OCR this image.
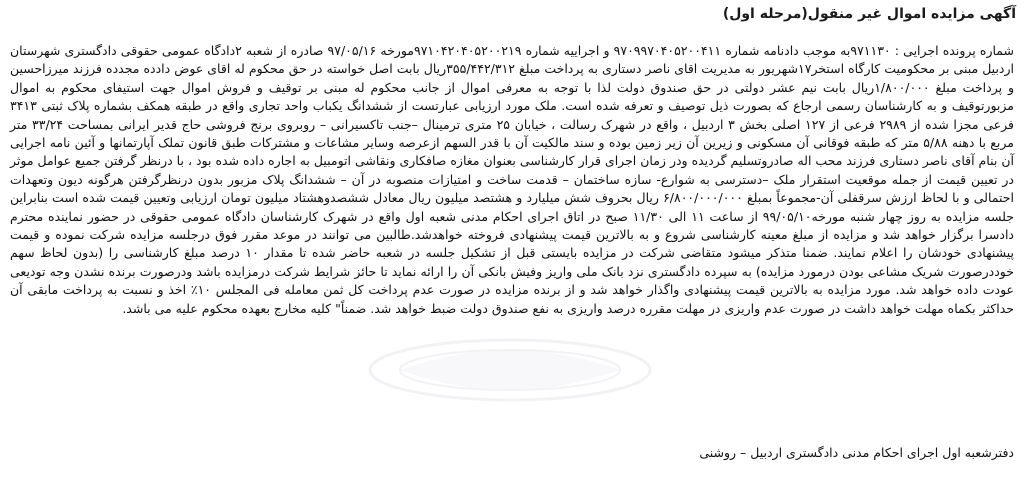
آگهی مزایده اموال غیر منقول(مرحله اول)
شماره پرونده اجرایی : ۹۷۱۱۳۰به موجب دادنامه شماره ۹۷۰۹۹۷۰۴۰۵۲۰۰۴۱۱ و اجراییه شماره ۹۷۱۰۴۲۰۴۰۵۲۰۰۲۱۹مورخه ۹۷/۰۵/۱۶ صادره از شعبه ۲دادگاه عمومی حقوقی دادگستری شهرستان اردبیل مبنی بر محکومیت کارگاه استخر۱۷شهریور به مدیریت اقای ناصر دستاری به پرداخت مبلغ ۳۵۵/۴۴۲/۳۱۲ریال بابت اصل خواسته در حق محکوم له اقای عوض دادده مجدده فرزند میرزاحسین و پرداخت مبلغ ۱/۸۰۰/۰۰۰ریال بابت نیم عشر دولتی در حق صندوق دولت لذا با توجه به معرفی اموال از جانب محکوم له مبنی بر توقیف و فروش اموال جهت استیفای محکوم به اموال مزبورتوقیف و به کارشناسان رسمی ارجاع که بصورت ذیل توصیف و تعرفه شده است. ملک مورد ارزیابی عبارتست از ششدانگ یکباب واحد تجاری واقع در طبقه همکف بشماره پلاک ثبتی ۳۴۱۳ فرعی مجزا شده از ۲۹۸۹ فرعی از ۱۲۷ اصلی بخش ۳ اردبیل ، واقع در شهرک رسالت ، خیابان ۲۵ متری ترمینال –جنب تاکسیرانی – روبروی برنج فروشی حاج قدیر ایرانی بمساحت ۳۳/۲۴ متر مربع با دهنه ۵/۸۸ متر که طبقه فوقانی آن مسکونی و زیرین آن زیر زمین بوده و سند مالکیت آن با قدر السهم ازعرصه وسایر مشاعات و مشترکات طبق قانون تملک آپارتمانها و آئین نامه اجرایی آن بنام آقای ناصر دستاری فرزند محب اله صادروتسلیم گردیده ودر زمان اجرای قرار کارشناسی بعنوان مغازه صافکاری ونقاشی اتومبیل به اجاره داده شده بود ، با درنظر گرفتن جمیع عوامل موثر در تعیین قیمت از جمله موقعیت استقرار ملک –دسترسی به شوارع- سازه ساختمان – قدمت ساخت و امتیازات منصوبه در آن – ششدانگ پلاک مزبور بدون درنظرگرفتن هرگونه دیون وتعهدات احتمالی و با لحاظ ارزش سرقفلی آن-مجموعاً بمبلغ ۶/۸۰۰/۰۰۰/۰۰۰ ریال بحروف شش میلیارد و هشتصد میلیون ریال معادل ششصدوهشتاد میلیون تومان ارزیابی وتعیین قیمت شده است بنابراین جلسه مزایده به روز چهار شنبه مورخه۹۹/۰۵/۱۰ از ساعت ۱۱ الی ۱۱/۳۰ صبح در اتاق اجرای احکام مدنی شعبه اول واقع در شهرک کارشناسان دادگاه عمومی حقوقی در حضور نماینده محترم دادسرا برگزار خواهد شد و مزایده از مبلغ معینه کارشناسی شروع و به بالاترین قیمت پیشنهادی فروخته خواهدشد.طالبین می توانند در موعد مقرر فوق درجلسه مزایده شرکت نموده و قیمت پیشنهادی خودشان را اعلام نمایند. ضمنا متذکر میشود متقاضی شرکت در مزایده بایستی قبل از تشکیل جلسه در شعبه حاضر شده تا مقدار ۱۰ درصد مبلغ کارشناسی را (بدون لحاظ سهم خوددرصورت شریک مشاعی بودن درمورد مزایده) به سپرده دادگستری نزد بانک ملی واریز وفیش بانکی آن را ارائه نماید تا حائز شرایط شرکت درمزایده باشد ودرصورت برنده نشدن وجه تودیعی عودت داده خواهد شد. مورد مزایده به بالاترین قیمت پیشنهادی واگذار خواهد شد و از برنده مزایده در صورت عدم پرداخت کل ثمن معامله فی المجلس ۱۰٪ اخذ و نسبت به پرداخت مابقی آن حداکثر بکماه مهلت خواهد داشت در صورت عدم واریزی در مهلت مقرره درصد واریزی به نفع صندوق دولت ضبط خواهد شد. ضمناً" کلیه مخارج بعهده محکوم علیه می باشد.
دفترشعبه اول اجرای احکام مدنی دادگستری اردبیل – روشنی
